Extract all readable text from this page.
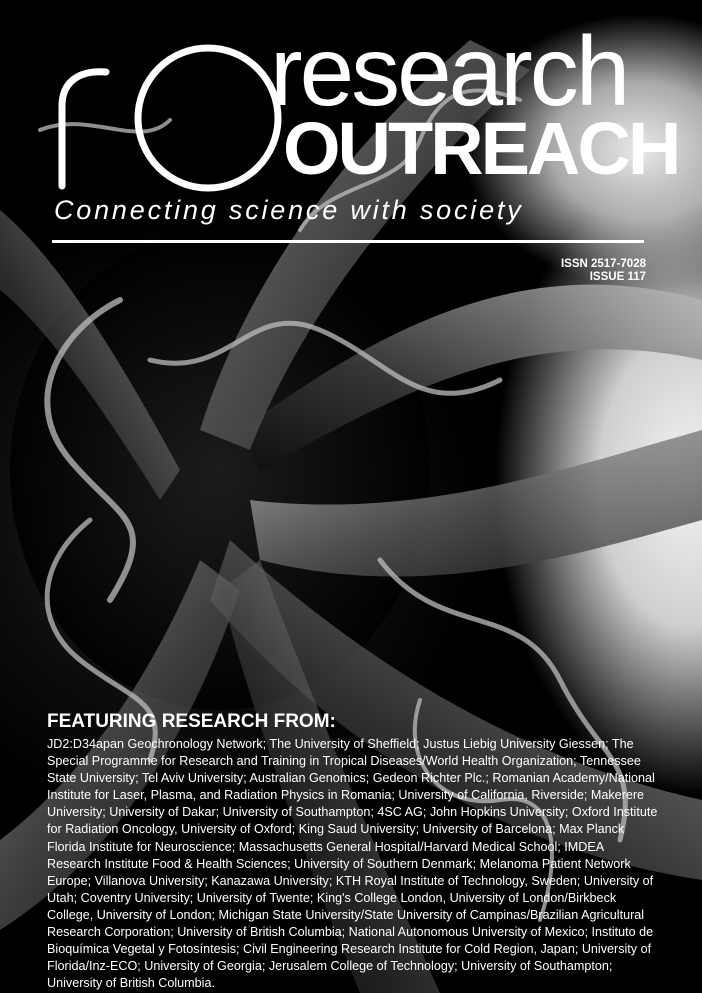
research
OUTREACH
Connecting science with society
ISSN 2517-7028
ISSUE 117
FEATURING RESEARCH FROM:
JD2:D34apan Geochronology Network; The University of Sheffield; Justus Liebig University Giessen; The Special Programme for Research and Training in Tropical Diseases/World Health Organization; Tennessee State University; Tel Aviv University; Australian Genomics; Gedeon Richter Plc.; Romanian Academy/National Institute for Laser, Plasma, and Radiation Physics in Romania; University of California, Riverside; Makerere University; University of Dakar; University of Southampton; 4SC AG; John Hopkins University; Oxford Institute for Radiation Oncology, University of Oxford; King Saud University; University of Barcelona; Max Planck Florida Institute for Neuroscience; Massachusetts General Hospital/Harvard Medical School; IMDEA Research Institute Food & Health Sciences; University of Southern Denmark; Melanoma Patient Network Europe; Villanova University; Kanazawa University; KTH Royal Institute of Technology, Sweden; University of Utah; Coventry University; University of Twente; King's College London, University of London/Birkbeck College, University of London; Michigan State University/State University of Campinas/Brazilian Agricultural Research Corporation; University of British Columbia; National Autonomous University of Mexico; Instituto de Bioquímica Vegetal y Fotosíntesis; Civil Engineering Research Institute for Cold Region, Japan; University of Florida/Inz-ECO; University of Georgia; Jerusalem College of Technology; University of Southampton; University of British Columbia.
